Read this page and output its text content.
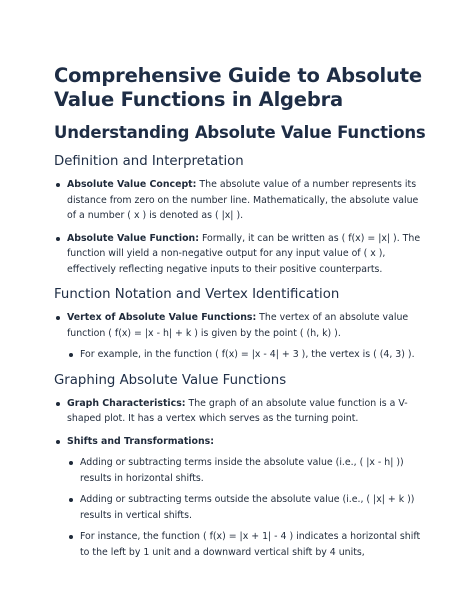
Comprehensive Guide to Absolute Value Functions in Algebra
Understanding Absolute Value Functions
Definition and Interpretation
Absolute Value Concept: The absolute value of a number represents its distance from zero on the number line. Mathematically, the absolute value of a number ( x ) is denoted as ( |x| ).
Absolute Value Function: Formally, it can be written as ( f(x) = |x| ). The function will yield a non-negative output for any input value of ( x ), effectively reflecting negative inputs to their positive counterparts.
Function Notation and Vertex Identification
Vertex of Absolute Value Functions: The vertex of an absolute value function ( f(x) = |x - h| + k ) is given by the point ( (h, k) ).
For example, in the function ( f(x) = |x - 4| + 3 ), the vertex is ( (4, 3) ).
Graphing Absolute Value Functions
Graph Characteristics: The graph of an absolute value function is a V-shaped plot. It has a vertex which serves as the turning point.
Shifts and Transformations:
Adding or subtracting terms inside the absolute value (i.e., ( |x - h| )) results in horizontal shifts.
Adding or subtracting terms outside the absolute value (i.e., ( |x| + k )) results in vertical shifts.
For instance, the function ( f(x) = |x + 1| - 4 ) indicates a horizontal shift to the left by 1 unit and a downward vertical shift by 4 units,
